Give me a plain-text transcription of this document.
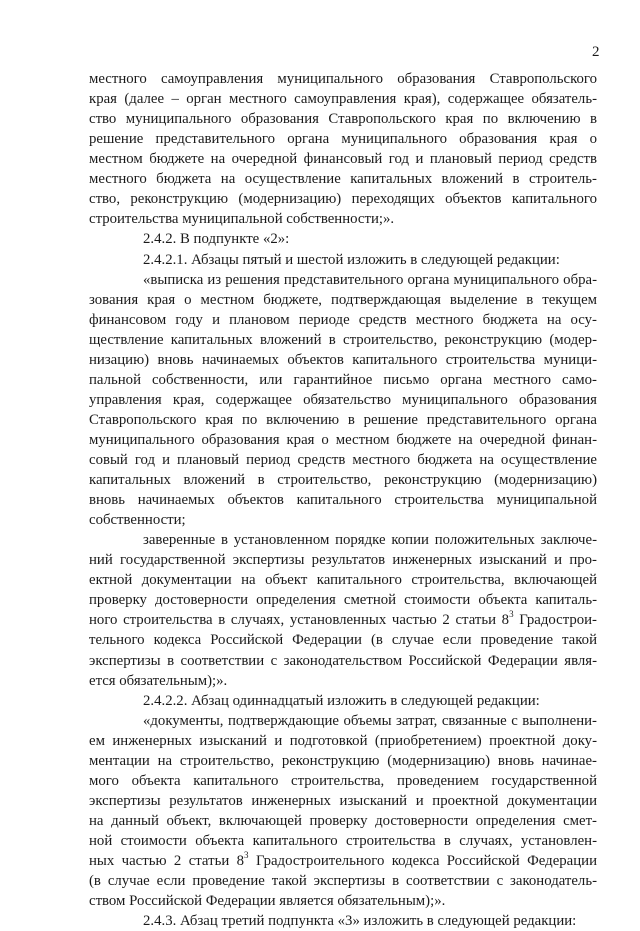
2
местного самоуправления муниципального образования Ставропольского
края (далее – орган местного самоуправления края), содержащее обязатель-
ство муниципального образования Ставропольского края по включению в
решение представительного органа муниципального образования края о
местном бюджете на очередной финансовый год и плановый период средств
местного бюджета на осуществление капитальных вложений в строитель-
ство, реконструкцию (модернизацию) переходящих объектов капитального
строительства муниципальной собственности;».
2.4.2. В подпункте «2»:
2.4.2.1. Абзацы пятый и шестой изложить в следующей редакции:
«выписка из решения представительного органа муниципального обра-
зования края о местном бюджете, подтверждающая выделение в текущем
финансовом году и плановом периоде средств местного бюджета на осу-
ществление капитальных вложений в строительство, реконструкцию (модер-
низацию) вновь начинаемых объектов капитального строительства муници-
пальной собственности, или гарантийное письмо органа местного само-
управления края, содержащее обязательство муниципального образования
Ставропольского края по включению в решение представительного органа
муниципального образования края о местном бюджете на очередной финан-
совый год и плановый период средств местного бюджета на осуществление
капитальных вложений в строительство, реконструкцию (модернизацию)
вновь начинаемых объектов капитального строительства муниципальной
собственности;
заверенные в установленном порядке копии положительных заключе-
ний государственной экспертизы результатов инженерных изысканий и про-
ектной документации на объект капитального строительства, включающей
проверку достоверности определения сметной стоимости объекта капиталь-
ного строительства в случаях, установленных частью 2 статьи $8^3$ Градострои-
тельного кодекса Российской Федерации (в случае если проведение такой
экспертизы в соответствии с законодательством Российской Федерации явля-
ется обязательным);».
2.4.2.2. Абзац одиннадцатый изложить в следующей редакции:
«документы, подтверждающие объемы затрат, связанные с выполнени-
ем инженерных изысканий и подготовкой (приобретением) проектной доку-
ментации на строительство, реконструкцию (модернизацию) вновь начинае-
мого объекта капитального строительства, проведением государственной
экспертизы результатов инженерных изысканий и проектной документации
на данный объект, включающей проверку достоверности определения смет-
ной стоимости объекта капитального строительства в случаях, установлен-
ных частью 2 статьи $8^3$ Градостроительного кодекса Российской Федерации
(в случае если проведение такой экспертизы в соответствии с законодатель-
ством Российской Федерации является обязательным);».
2.4.3. Абзац третий подпункта «3» изложить в следующей редакции:
